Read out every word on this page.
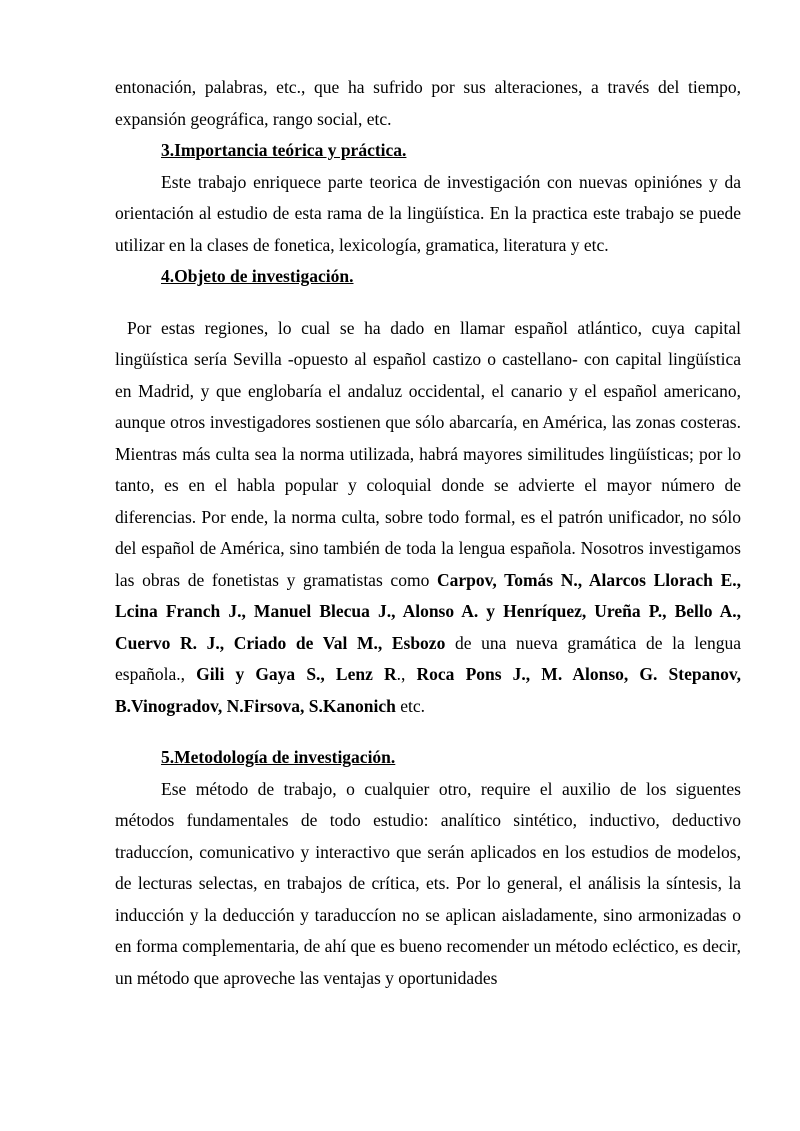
entonación, palabras, etc., que ha sufrido por sus alteraciones, a través del tiempo, expansión geográfica, rango social, etc.

3.Importancia teórica y práctica.

Este trabajo enriquece parte teorica de investigación con nuevas opiniónes y da orientación al estudio de esta rama de la lingüística. En la practica este trabajo se puede utilizar en la clases de fonetica, lexicología, gramatica, literatura y etc.

4.Objeto de investigación.

Por estas regiones, lo cual se ha dado en llamar español atlántico, cuya capital lingüística sería Sevilla -opuesto al español castizo o castellano- con capital lingüística en Madrid, y que englobaría el andaluz occidental, el canario y el español americano, aunque otros investigadores sostienen que sólo abarcaría, en América, las zonas costeras. Mientras más culta sea la norma utilizada, habrá mayores similitudes lingüísticas; por lo tanto, es en el habla popular y coloquial donde se advierte el mayor número de diferencias. Por ende, la norma culta, sobre todo formal, es el patrón unificador, no sólo del español de América, sino también de toda la lengua española. Nosotros investigamos las obras de fonetistas y gramatistas como Carpov, Tomás N., Alarcos Llorach E., Lcina Franch J., Manuel Blecua J., Alonso A. y Henríquez, Ureña P., Bello A., Cuervo R. J., Criado de Val M., Esbozo de una nueva gramática de la lengua española., Gili y Gaya S., Lenz R., Roca Pons J., M. Alonso, G. Stepanov, B.Vinogradov, N.Firsova, S.Kanonich etc.

5.Metodología de investigación.

Ese método de trabajo, o cualquier otro, require el auxilio de los siguentes métodos fundamentales de todo estudio: analítico sintético, inductivo, deductivo traduccíon, comunicativo y interactivo que serán aplicados en los estudios de modelos, de lecturas selectas, en trabajos de crítica, ets. Por lo general, el análisis la síntesis, la inducción y la deducción y taraduccíon no se aplican aisladamente, sino armonizadas o en forma complementaria, de ahí que es bueno recomender un método ecléctico, es decir, un método que aproveche las ventajas y oportunidades
